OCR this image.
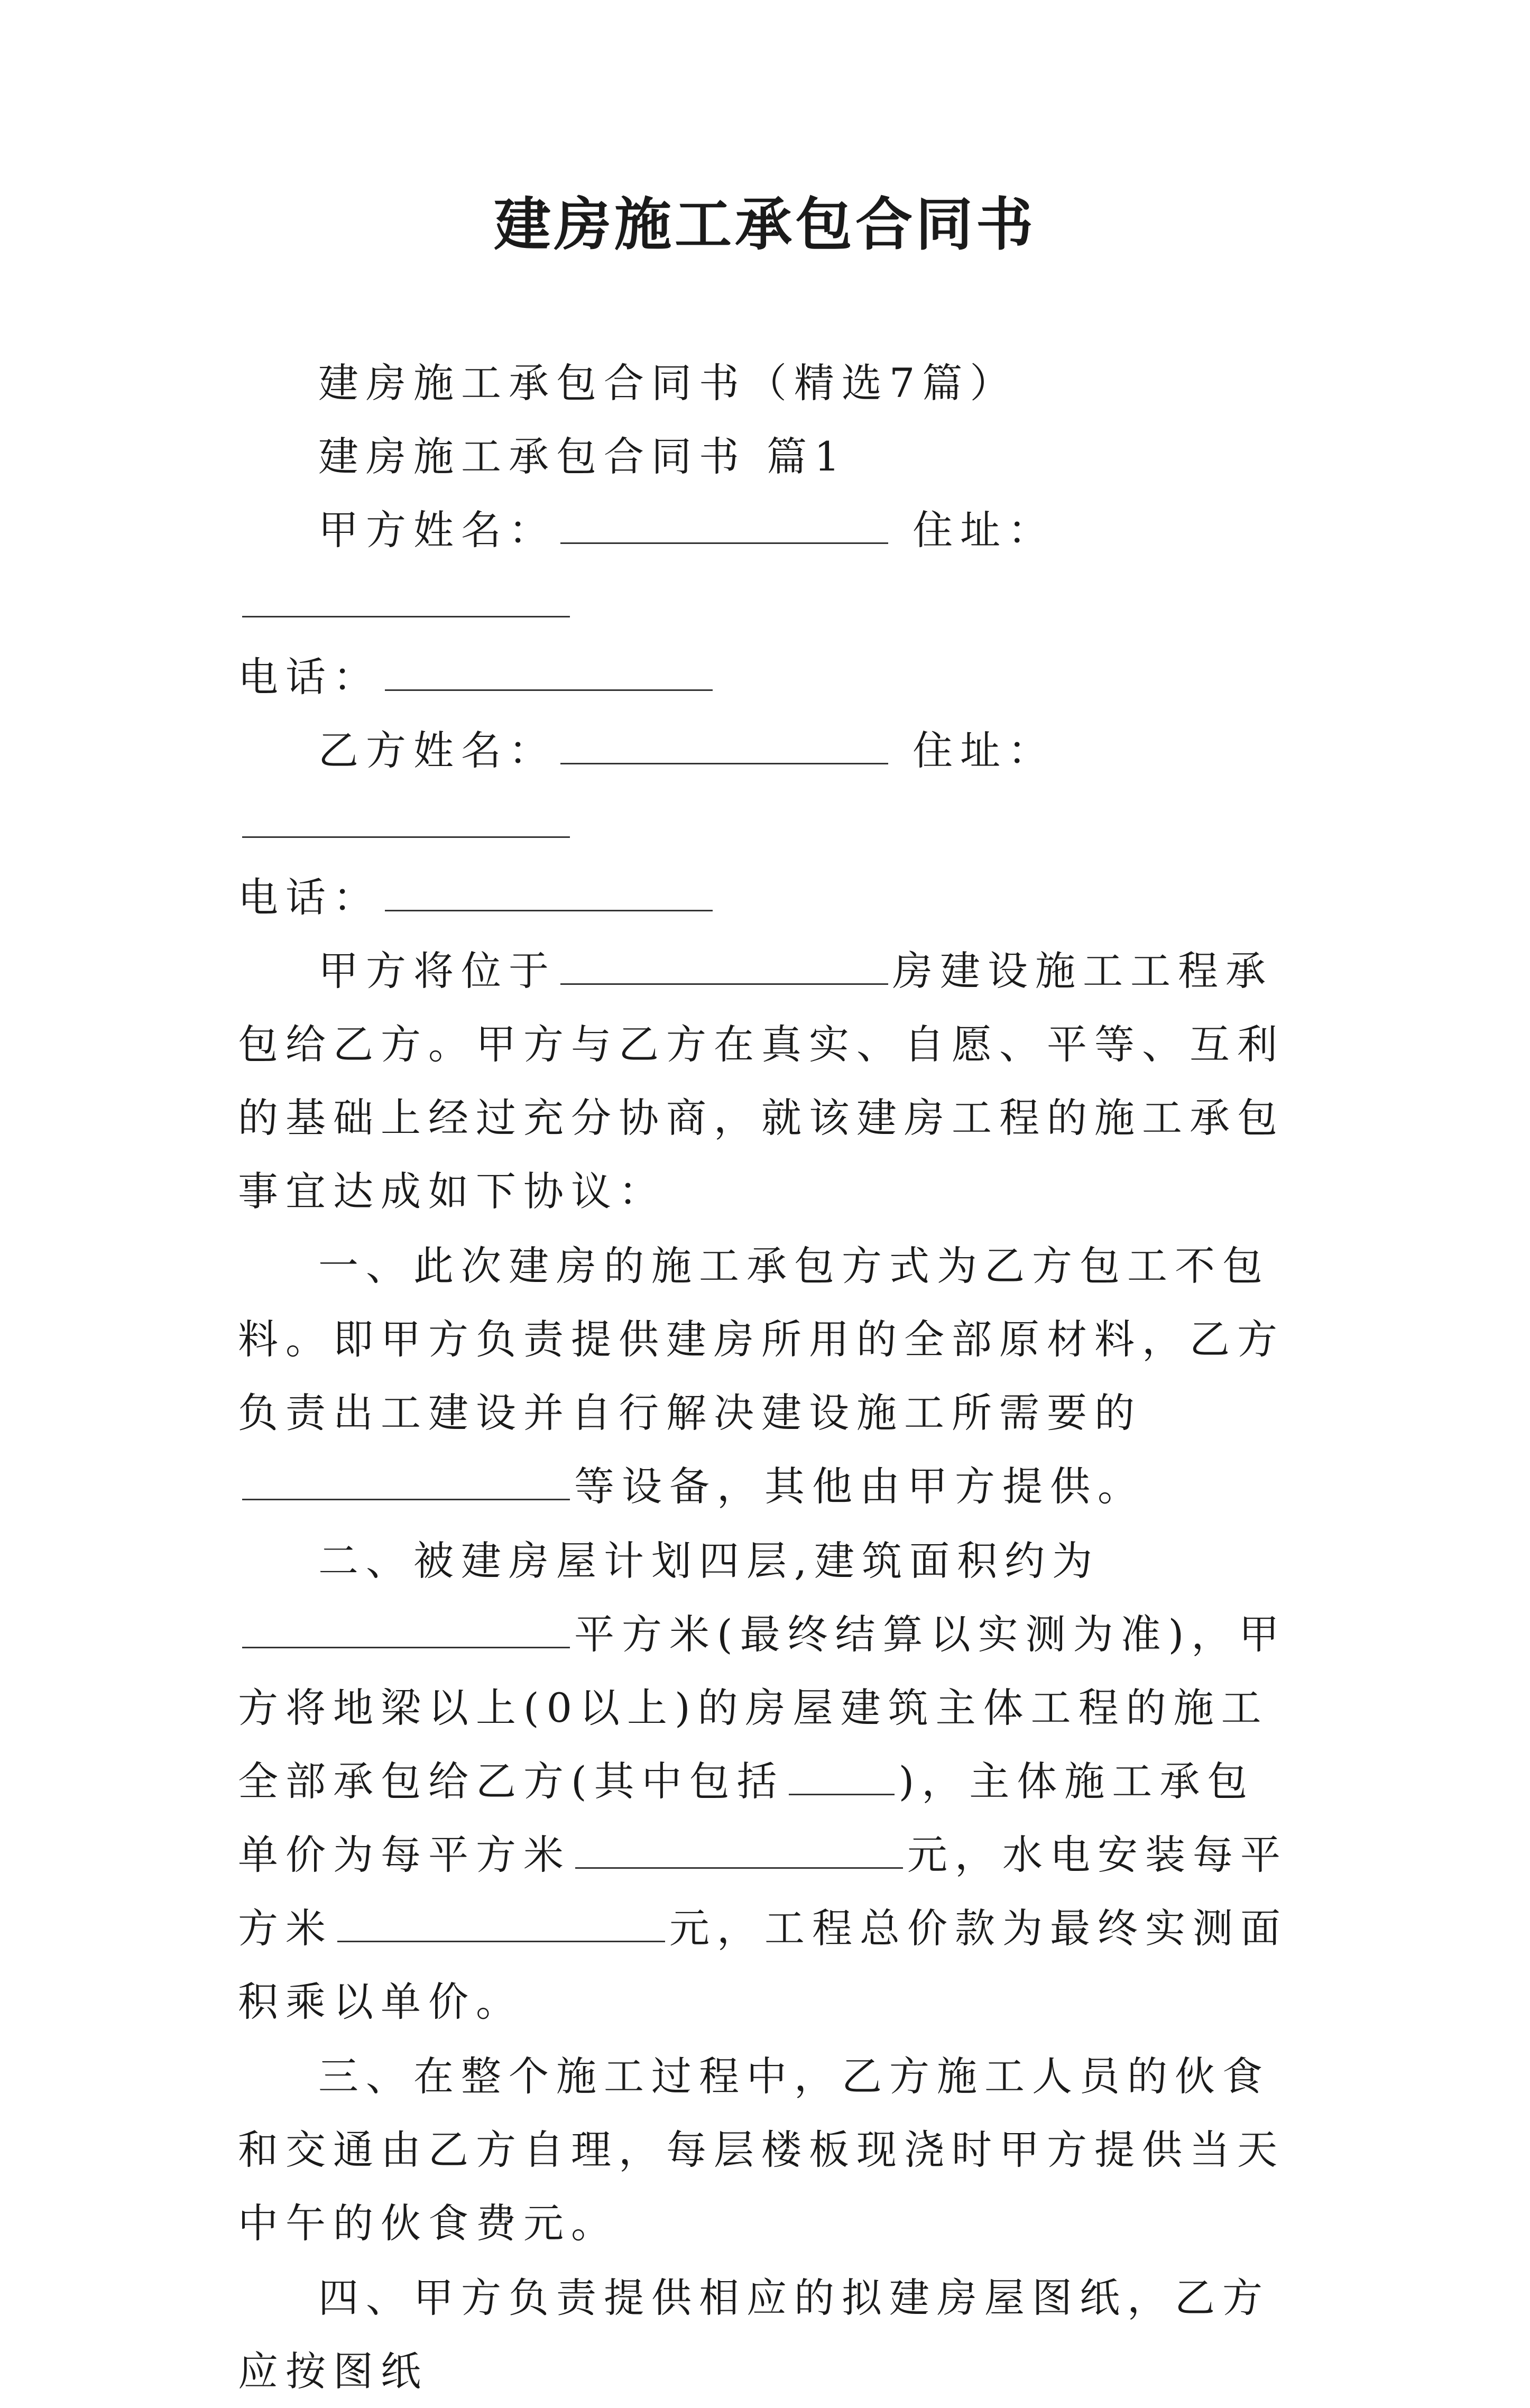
建房施工承包合同书

建房施工承包合同书（精选7篇）

建房施工承包合同书 篇1

甲方姓名：	住址：

电话：

乙方姓名：	住址：

电话：

甲方将位于	房建设施工工程承包给乙方。甲方与乙方在真实、自愿、平等、互利的基础上经过充分协商，就该建房工程的施工承包事宜达成如下协议：

一、此次建房的施工承包方式为乙方包工不包料。即甲方负责提供建房所用的全部原材料，乙方负责出工建设并自行解决建设施工所需要的等设备，其他由甲方提供。

二、被建房屋计划四层,建筑面积约为平方米(最终结算以实测为准)，甲方将地梁以上(0以上)的房屋建筑主体工程的施工全部承包给乙方(其中包括	)，主体施工承包单价为每平方米	元，水电安装每平方米	元，工程总价款为最终实测面积乘以单价。

三、在整个施工过程中，乙方施工人员的伙食和交通由乙方自理，每层楼板现浇时甲方提供当天中午的伙食费元。

四、甲方负责提供相应的拟建房屋图纸，乙方应按图纸
